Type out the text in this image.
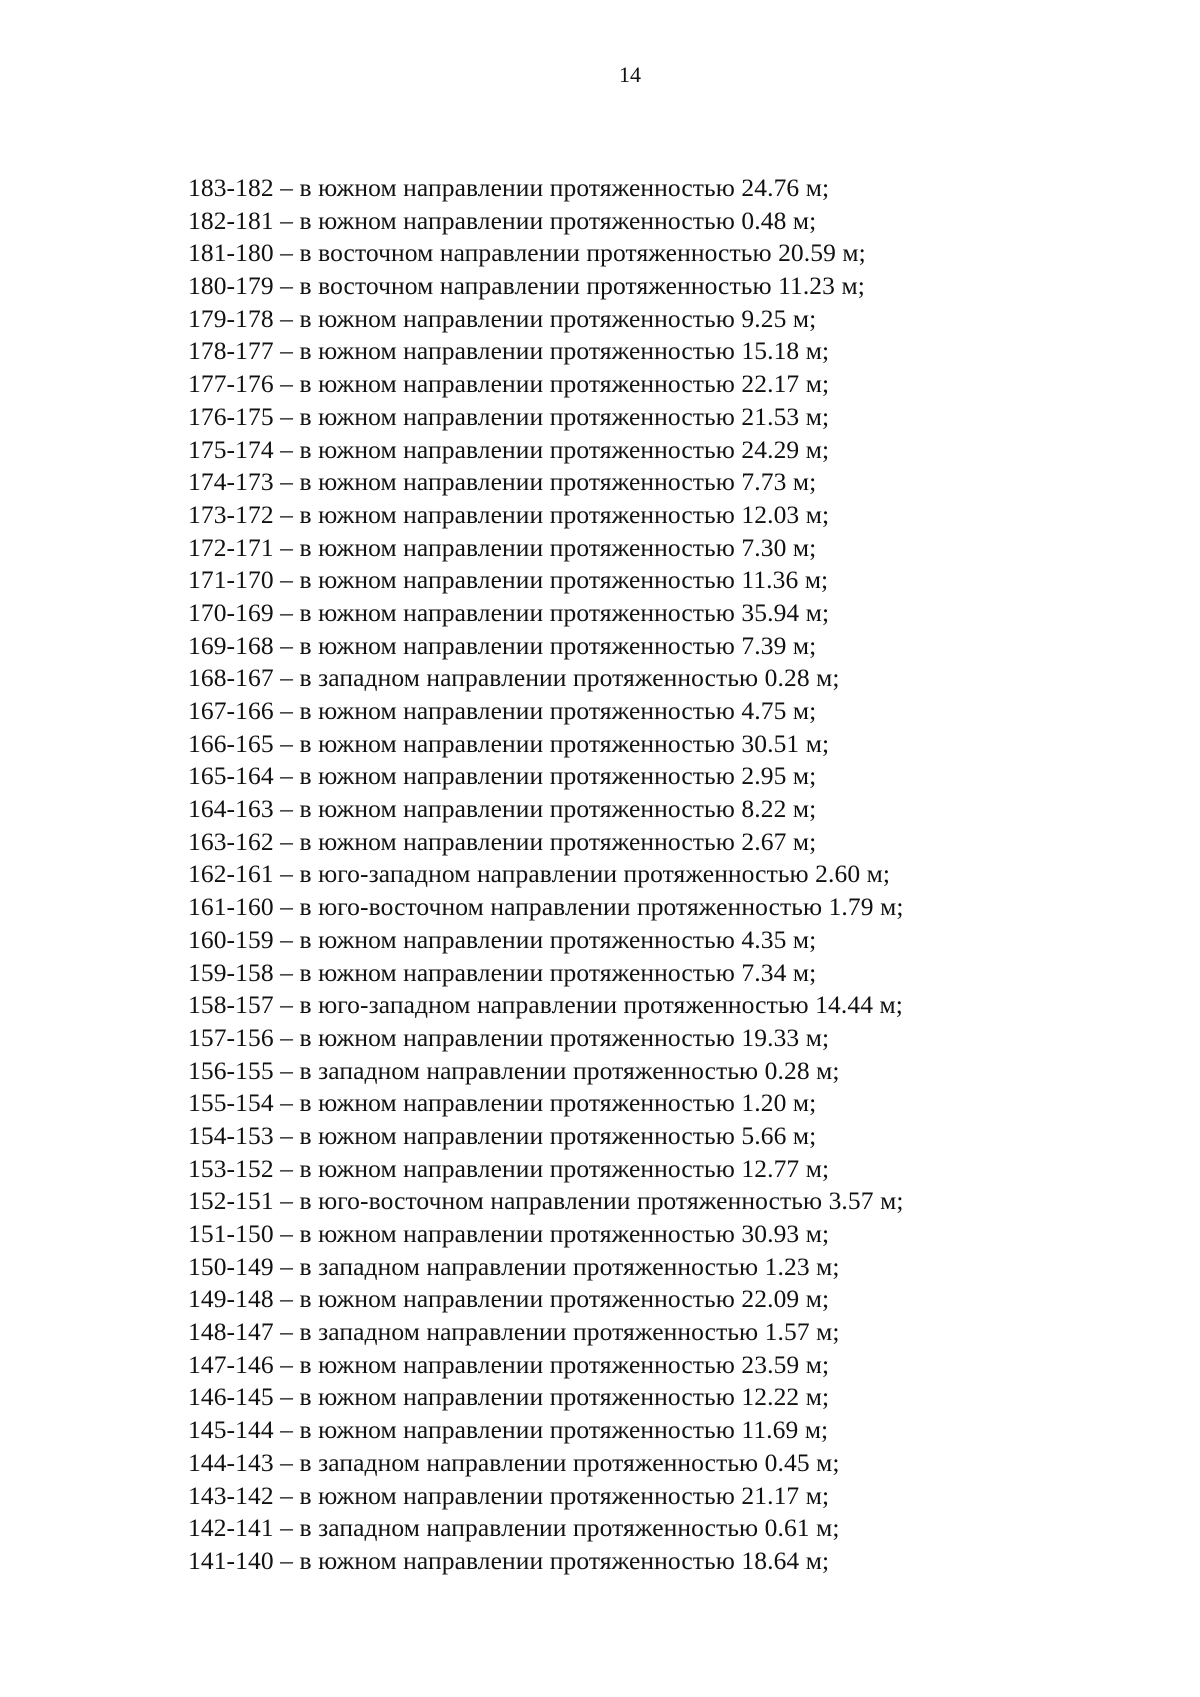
14
183-182 – в южном направлении протяженностью 24.76 м;
182-181 – в южном направлении протяженностью 0.48 м;
181-180 – в восточном направлении протяженностью 20.59 м;
180-179 – в восточном направлении протяженностью 11.23 м;
179-178 – в южном направлении протяженностью 9.25 м;
178-177 – в южном направлении протяженностью 15.18 м;
177-176 – в южном направлении протяженностью 22.17 м;
176-175 – в южном направлении протяженностью 21.53 м;
175-174 – в южном направлении протяженностью 24.29 м;
174-173 – в южном направлении протяженностью 7.73 м;
173-172 – в южном направлении протяженностью 12.03 м;
172-171 – в южном направлении протяженностью 7.30 м;
171-170 – в южном направлении протяженностью 11.36 м;
170-169 – в южном направлении протяженностью 35.94 м;
169-168 – в южном направлении протяженностью 7.39 м;
168-167 – в западном направлении протяженностью 0.28 м;
167-166 – в южном направлении протяженностью 4.75 м;
166-165 – в южном направлении протяженностью 30.51 м;
165-164 – в южном направлении протяженностью 2.95 м;
164-163 – в южном направлении протяженностью 8.22 м;
163-162 – в южном направлении протяженностью 2.67 м;
162-161 – в юго-западном направлении протяженностью 2.60 м;
161-160 – в юго-восточном направлении протяженностью 1.79 м;
160-159 – в южном направлении протяженностью 4.35 м;
159-158 – в южном направлении протяженностью 7.34 м;
158-157 – в юго-западном направлении протяженностью 14.44 м;
157-156 – в южном направлении протяженностью 19.33 м;
156-155 – в западном направлении протяженностью 0.28 м;
155-154 – в южном направлении протяженностью 1.20 м;
154-153 – в южном направлении протяженностью 5.66 м;
153-152 – в южном направлении протяженностью 12.77 м;
152-151 – в юго-восточном направлении протяженностью 3.57 м;
151-150 – в южном направлении протяженностью 30.93 м;
150-149 – в западном направлении протяженностью 1.23 м;
149-148 – в южном направлении протяженностью 22.09 м;
148-147 – в западном направлении протяженностью 1.57 м;
147-146 – в южном направлении протяженностью 23.59 м;
146-145 – в южном направлении протяженностью 12.22 м;
145-144 – в южном направлении протяженностью 11.69 м;
144-143 – в западном направлении протяженностью 0.45 м;
143-142 – в южном направлении протяженностью 21.17 м;
142-141 – в западном направлении протяженностью 0.61 м;
141-140 – в южном направлении протяженностью 18.64 м;
